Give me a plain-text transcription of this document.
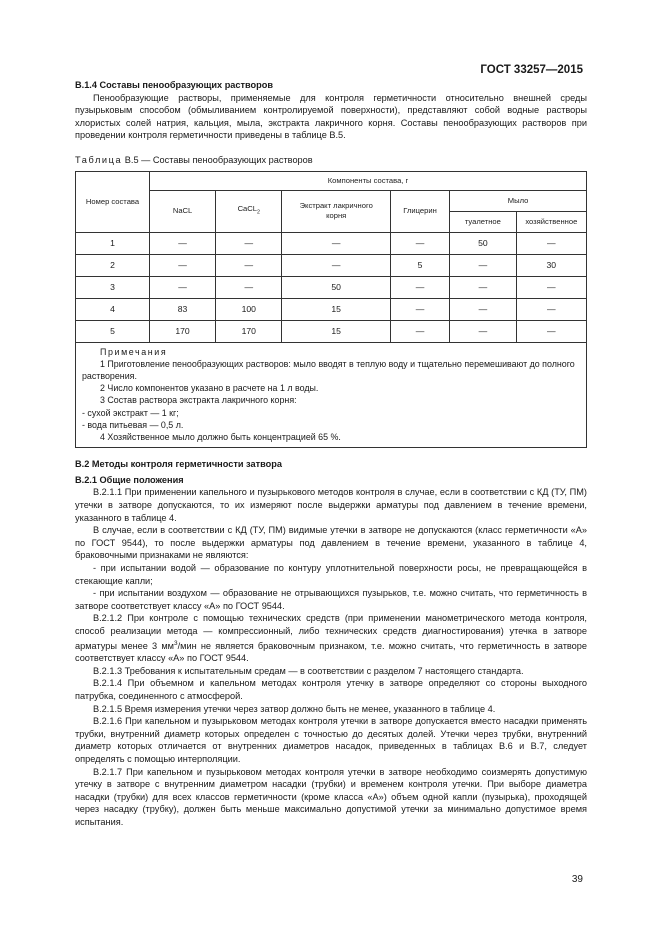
ГОСТ 33257—2015

В.1.4 Составы пенообразующих растворов

Пенообразующие растворы, применяемые для контроля герметичности относительно внешней среды пузырьковым способом (обмыливанием контролируемой поверхности), представляют собой водные растворы хлористых солей натрия, кальция, мыла, экстракта лакричного корня. Составы пенообразующих растворов при проведении контроля герметичности приведены в таблице В.5.

Таблица В.5 — Составы пенообразующих растворов

Номер состава	Компоненты состава, г					
	NaCL	CaCL$_2$	Экстракт лакричного корня	Глицерин	Мыло	
					туалетное	хозяйственное
1	—	—	—	—	50	—
2	—	—	—	5	—	30
3	—	—	50	—	—	—
4	83	100	15	—	—	—
5	170	170	15	—	—	—

Примечания

1 Приготовление пенообразующих растворов: мыло вводят в теплую воду и тщательно перемешивают до полного растворения.

2 Число компонентов указано в расчете на 1 л воды.

3 Состав раствора экстракта лакричного корня:

- сухой экстракт — 1 кг;

- вода питьевая — 0,5 л.

4 Хозяйственное мыло должно быть концентрацией 65 %.

В.2 Методы контроля герметичности затвора

В.2.1 Общие положения

В.2.1.1 При применении капельного и пузырькового методов контроля в случае, если в соответствии с КД (ТУ, ПМ) утечки в затворе допускаются, то их измеряют после выдержки арматуры под давлением в течение времени, указанного в таблице 4.

В случае, если в соответствии с КД (ТУ, ПМ) видимые утечки в затворе не допускаются (класс герметичности «А» по ГОСТ 9544), то после выдержки арматуры под давлением в течение времени, указанного в таблице 4, браковочными признаками не являются:

- при испытании водой — образование по контуру уплотнительной поверхности росы, не превращающейся в стекающие капли;

- при испытании воздухом — образование не отрывающихся пузырьков, т.е. можно считать, что герметичность в затворе соответствует классу «А» по ГОСТ 9544.

В.2.1.2 При контроле с помощью технических средств (при применении манометрического метода контроля, способ реализации метода — компрессионный, либо технических средств диагностирования) утечка в затворе арматуры менее 3 $мм^3$/мин не является браковочным признаком, т.е. можно считать, что герметичность в затворе соответствует классу «А» по ГОСТ 9544.

В.2.1.3 Требования к испытательным средам — в соответствии с разделом 7 настоящего стандарта.

В.2.1.4 При объемном и капельном методах контроля утечку в затворе определяют со стороны выходного патрубка, соединенного с атмосферой.

В.2.1.5 Время измерения утечки через затвор должно быть не менее, указанного в таблице 4.

В.2.1.6 При капельном и пузырьковом методах контроля утечки в затворе допускается вместо насадки применять трубки, внутренний диаметр которых определен с точностью до десятых долей. Утечки через трубки, внутренний диаметр которых отличается от внутренних диаметров насадок, приведенных в таблицах В.6 и В.7, следует определять с помощью интерполяции.

В.2.1.7 При капельном и пузырьковом методах контроля утечки в затворе необходимо соизмерять допустимую утечку в затворе с внутренним диаметром насадки (трубки) и временем контроля утечки. При выборе диаметра насадки (трубки) для всех классов герметичности (кроме класса «А») объем одной капли (пузырька), проходящей через насадку (трубку), должен быть меньше максимально допустимой утечки за минимально допустимое время испытания.

39
